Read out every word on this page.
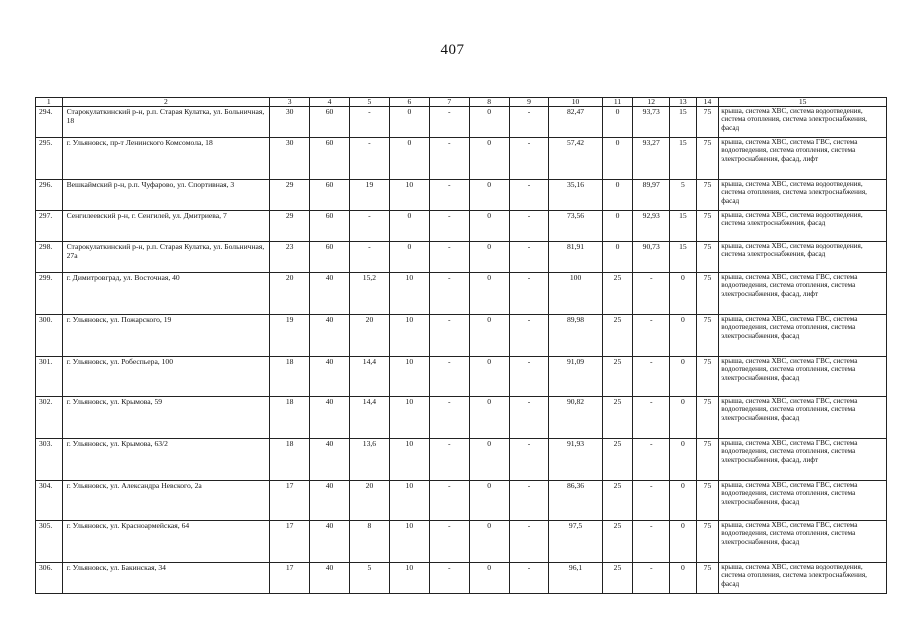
407
1	2	3	4	5	6	7	8	9	10	11	12	13	14	15
294.	Старокулаткинский р-н, р.п. Старая Кулатка, ул. Больничная, 18	30	60	-	0	-	0	-	82,47	0	93,73	15	75	крыша, система ХВС, система водоотведения, система отопления, система электроснабжения, фасад
295.	г. Ульяновск, пр-т Ленинского Комсомола, 18	30	60	-	0	-	0	-	57,42	0	93,27	15	75	крыша, система ХВС, система ГВС, система водоотведения, система отопления, система электроснабжения, фасад, лифт
296.	Вешкаймский р-н, р.п. Чуфарово, ул. Спортивная, 3	29	60	19	10	-	0	-	35,16	0	89,97	5	75	крыша, система ХВС, система водоотведения, система отопления, система электроснабжения, фасад
297.	Сенгилеевский р-н, г. Сенгилей, ул. Дмитриева, 7	29	60	-	0	-	0	-	73,56	0	92,93	15	75	крыша, система ХВС, система водоотведения, система электроснабжения, фасад
298.	Старокулаткинский р-н, р.п. Старая Кулатка, ул. Больничная, 27а	23	60	-	0	-	0	-	81,91	0	90,73	15	75	крыша, система ХВС, система водоотведения, система электроснабжения, фасад
299.	г. Димитровград, ул. Восточная, 40	20	40	15,2	10	-	0	-	100	25	-	0	75	крыша, система ХВС, система ГВС, система водоотведения, система отопления, система электроснабжения, фасад, лифт
300.	г. Ульяновск, ул. Пожарского, 19	19	40	20	10	-	0	-	89,98	25	-	0	75	крыша, система ХВС, система ГВС, система водоотведения, система отопления, система электроснабжения, фасад
301.	г. Ульяновск, ул. Робеспьера, 100	18	40	14,4	10	-	0	-	91,09	25	-	0	75	крыша, система ХВС, система ГВС, система водоотведения, система отопления, система электроснабжения, фасад
302.	г. Ульяновск, ул. Крымова, 59	18	40	14,4	10	-	0	-	90,82	25	-	0	75	крыша, система ХВС, система ГВС, система водоотведения, система отопления, система электроснабжения, фасад
303.	г. Ульяновск, ул. Крымова, 63/2	18	40	13,6	10	-	0	-	91,93	25	-	0	75	крыша, система ХВС, система ГВС, система водоотведения, система отопления, система электроснабжения, фасад, лифт
304.	г. Ульяновск, ул. Александра Невского, 2а	17	40	20	10	-	0	-	86,36	25	-	0	75	крыша, система ХВС, система ГВС, система водоотведения, система отопления, система электроснабжения, фасад
305.	г. Ульяновск, ул. Красноармейская, 64	17	40	8	10	-	0	-	97,5	25	-	0	75	крыша, система ХВС, система ГВС, система водоотведения, система отопления, система электроснабжения, фасад
306.	г. Ульяновск, ул. Бакинская, 34	17	40	5	10	-	0	-	96,1	25	-	0	75	крыша, система ХВС, система водоотведения, система отопления, система электроснабжения, фасад
